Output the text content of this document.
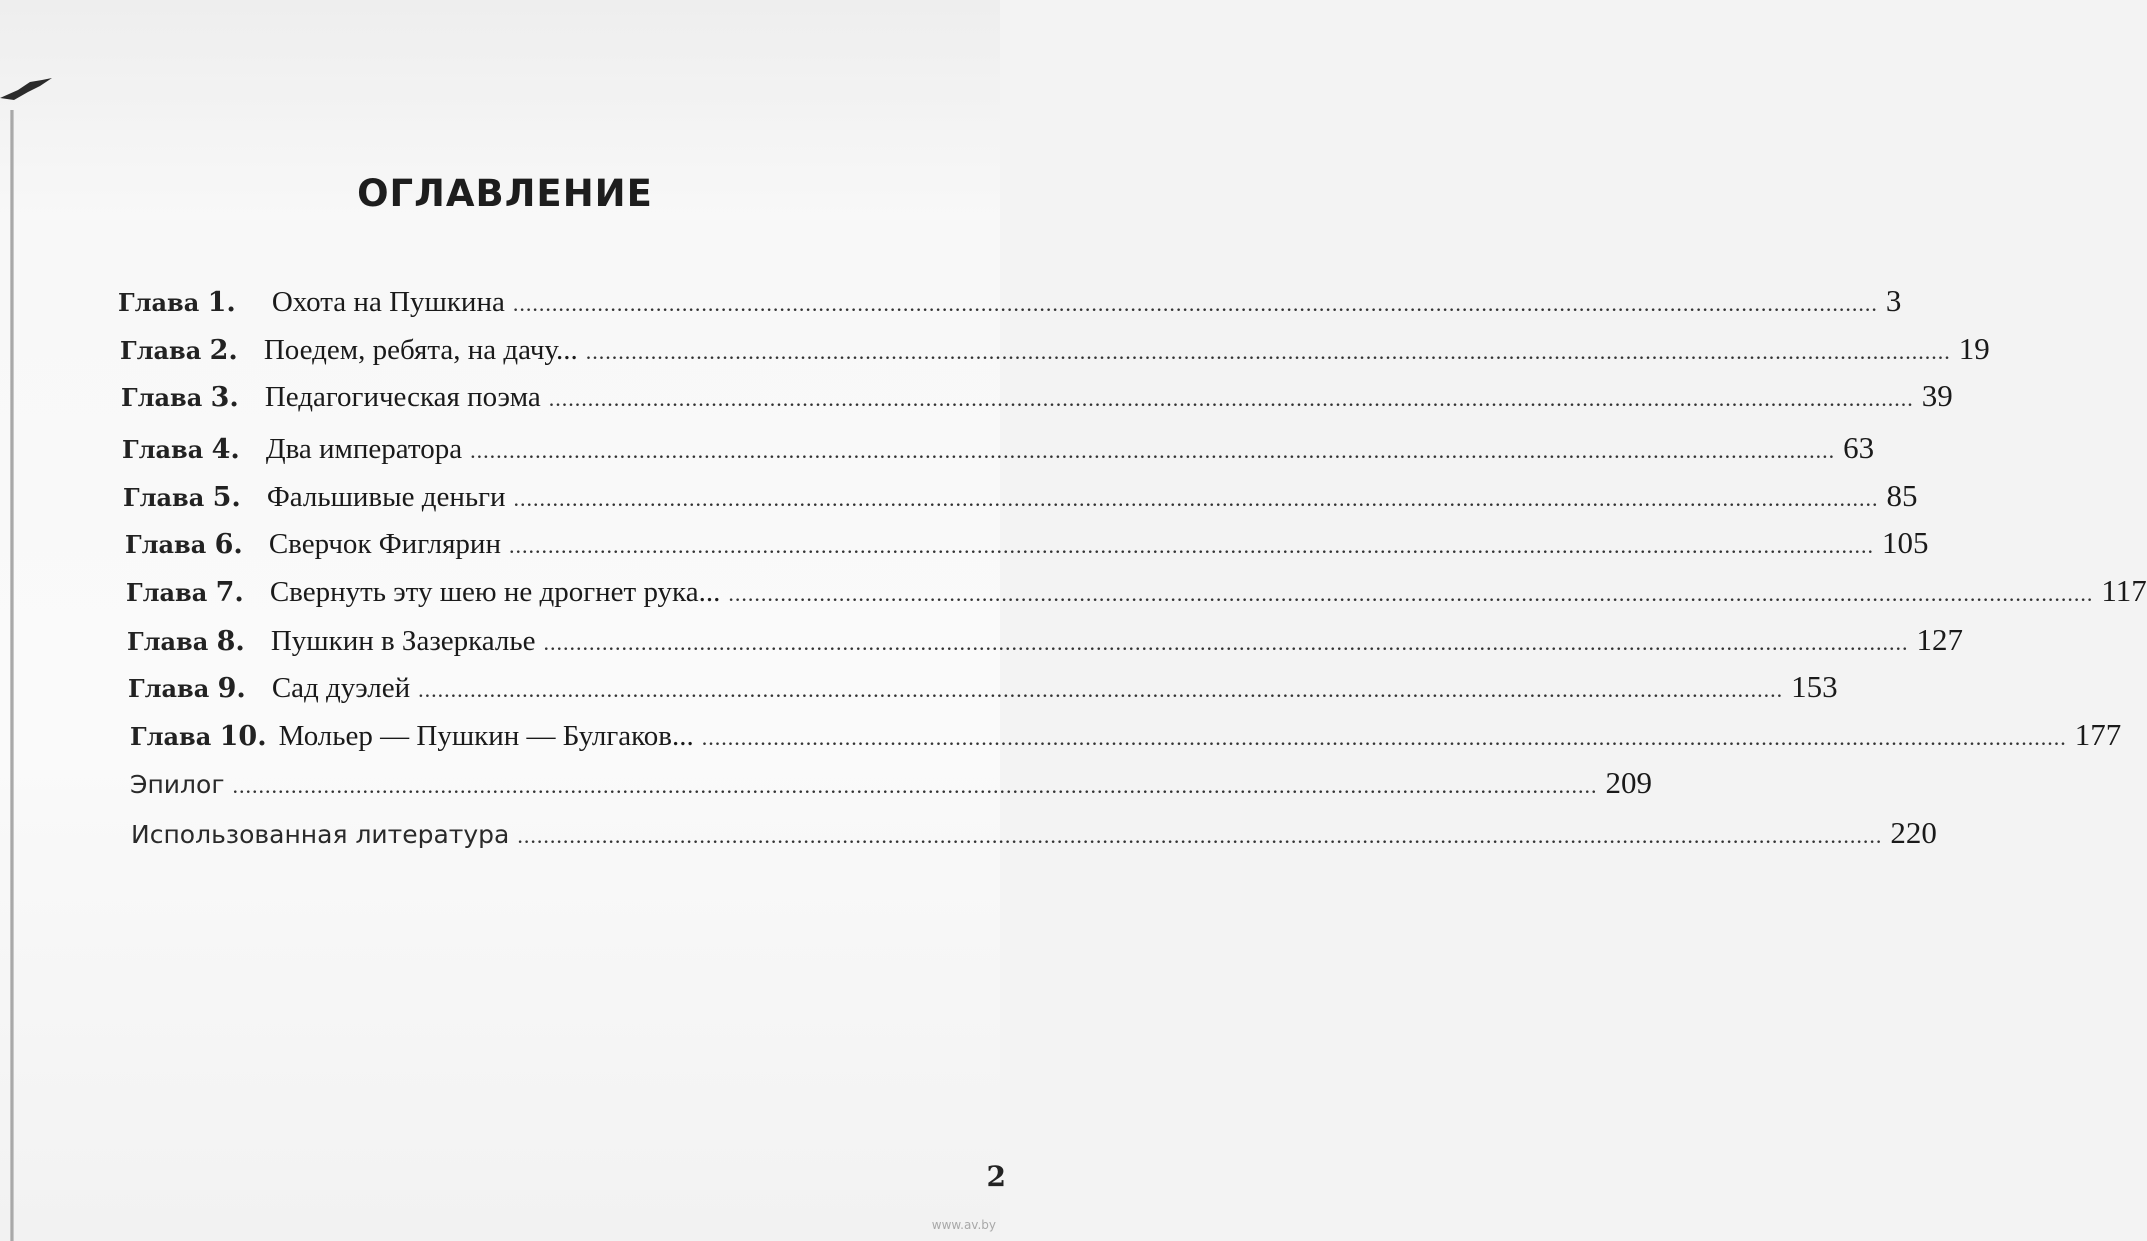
ОГЛАВЛЕНИЕ
Глава 1. Охота на Пушкина .....	3
Глава 2. Поедем, ребята, на дачу... .....	19
Глава 3. Педагогическая поэма .....	39
Глава 4. Два императора .....	63
Глава 5. Фальшивые деньги .....	85
Глава 6. Сверчок Фиглярин .....	105
Глава 7. Свернуть эту шею не дрогнет рука... .....	117
Глава 8. Пушкин в Зазеркалье .....	127
Глава 9. Сад дуэлей .....	153
Глава 10. Мольер — Пушкин — Булгаков... .....	177
Эпилог .....	209
Использованная литература .....	220
2
www.av.by
